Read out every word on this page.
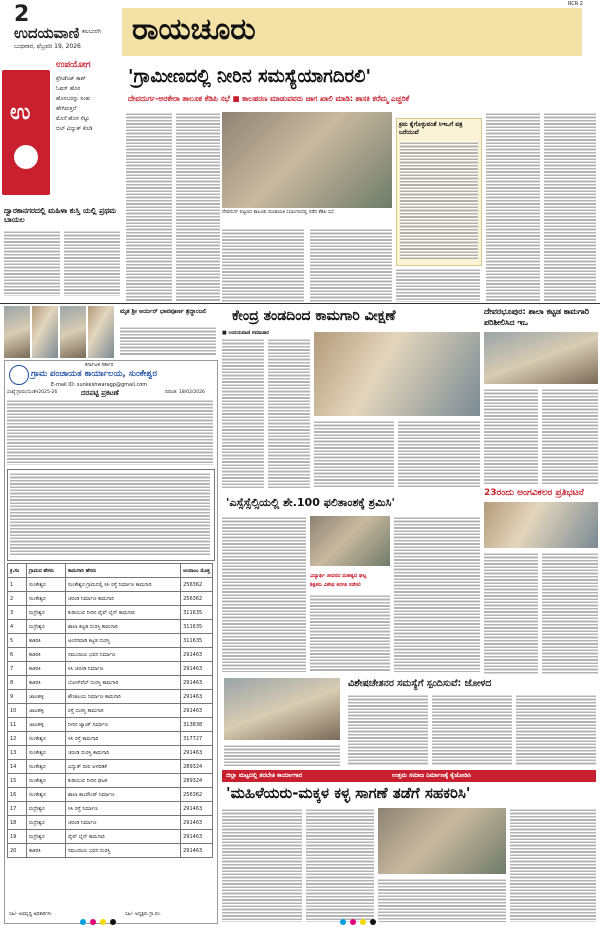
2
ಉದಯವಾಣಿ ಕಲಬುರಗಿ
ಬುಧವಾರ, ಫೆಬ್ರವರಿ 19, 2026 ರಾಯಚೂರು
RCR 2
ಉ
ಉಪಯೋಗ
ಪ್ರೆಸಿಡೆಂಟ್ ಕಾಪ್
ಓವನ್ ಹೊಸ
ಹೊಸಬರನ್ನು ಸಂತು
ಹೇಗಿರುತ್ತದೆ
ಮೊನೆ ಹೊಸ ಸೆಟ್ಟು
ಬಿಲ್ ವಿದ್ಯುತ್ ಕೊಡಿ
ದ್ವಾರಕಾನಗರದಲ್ಲಿ ಮಹಿಳಾ ಕುಸ್ತಿ ಯಲ್ಲಿ ಪ್ರಥಮ ಬಾಯಲ
'ಗ್ರಾಮೀಣದಲ್ಲಿ ನೀರಿನ ಸಮಸ್ಯೆಯಾಗದಿರಲಿ'
ದೇವದುರ್ಗ-ಅರಕೇರಾ ತಾಲೂಕ ಕೆಡಿಪಿ ಸಭೆ ■ ಕಾಲಹರಣ ಮಾಡುವವರು ಜಾಗ ಖಾಲಿ ಮಾಡಿ: ಶಾಸಕಿ ಕರೆಮ್ಮ ಎಚ್ಚರಿಕೆ
ದೇವದುರ್ಗ ಪಟ್ಟಣದ ತಾಲೂಕು ಪಂಚಾಯತಿ ಸಭಾಂಗಣದಲ್ಲಿ ನಡೆದ ಕೆಡಿಪಿ ಸಭೆ
ಕ್ರಮ ಕೈಗೊಳ್ಳುವಂತೆ ಸಿಇಒಗೆ ಪತ್ರ ಬರೆಯುವೆ
ಮೃತ ಶ್ರೀ ಆರ್ಯನ್‌ ಭಾವಪೂರ್ಣ ಶ್ರದ್ಧಾಂಜಲಿ
ಕರ್ನಾಟಕ ಸರ್ಕಾರ
ಗ್ರಾಮ ಪಂಚಾಯತ ಕಾರ್ಯಾಲಯ, ಸುಂಕೇಶ್ವರ
E-mail ID: sunkeshwaragp@gmail.com
ಸಂಖ್ಯೆ:ಗ್ರಾಪಂ/ಸುಂಕೇ/2025-26	ದರಪಟ್ಟಿ ಪ್ರಕಟಣೆ	ದಿನಾಂಕ: 18/02/2026
ಕ್ರ.ಸಂ	ಗ್ರಾಮದ ಹೆಸರು	ಕಾಮಗಾರಿ ಹೆಸರು	ಅಂದಾಜು ಮೊತ್ತ
1	ಸುಂಕೇಶ್ವರ	ಸುಂಕೇಶ್ವರ ಗ್ರಾಮದಲ್ಲಿ ಸಿಸಿ ರಸ್ತೆ ನಿರ್ಮಾಣ ಕಾಮಗಾರಿ	256362
2	ಸುಂಕೇಶ್ವರ	ಚರಂಡಿ ನಿರ್ಮಾಣ ಕಾಮಗಾರಿ	256362
3	ರುದ್ರೇಶ್ವರ	ಕುಡಿಯುವ ನೀರಿನ ಪೈಪ್ ಲೈನ್ ಕಾಮಗಾರಿ	311635
4	ರುದ್ರೇಶ್ವರ	ಶಾಲಾ ಕಟ್ಟಡ ದುರಸ್ತಿ ಕಾಮಗಾರಿ	311635
5	ಕಾತರಕಿ	ಅಂಗನವಾಡಿ ಕಟ್ಟಡ ದುರಸ್ತಿ	311635
6	ಕಾತರಕಿ	ಸಮುದಾಯ ಭವನ ನಿರ್ಮಾಣ	291463
7	ಕಾತರಕಿ	ಸಿಸಿ ಚರಂಡಿ ನಿರ್ಮಾಣ	291463
8	ಕಾತರಕಿ	ಬೋರ್‌ವೆಲ್ ದುರಸ್ತಿ ಕಾಮಗಾರಿ	291463
9	ಜಾಲಹಳ್ಳಿ	ಶೌಚಾಲಯ ನಿರ್ಮಾಣ ಕಾಮಗಾರಿ	291463
10	ಜಾಲಹಳ್ಳಿ	ರಸ್ತೆ ದುರಸ್ತಿ ಕಾಮಗಾರಿ	291463
11	ಜಾಲಹಳ್ಳಿ	ನೀರಿನ ಟ್ಯಾಂಕ್ ನಿರ್ಮಾಣ	313838
12	ಸುಂಕೇಶ್ವರ	ಸಿಸಿ ರಸ್ತೆ ಕಾಮಗಾರಿ	317727
13	ಸುಂಕೇಶ್ವರ	ಚರಂಡಿ ದುರಸ್ತಿ ಕಾಮಗಾರಿ	291463
14	ಸುಂಕೇಶ್ವರ	ವಿದ್ಯುತ್ ದೀಪ ಅಳವಡಿಕೆ	289324
15	ಸುಂಕೇಶ್ವರ	ಕುಡಿಯುವ ನೀರಿನ ಘಟಕ	289324
16	ಸುಂಕೇಶ್ವರ	ಶಾಲಾ ಕಾಂಪೌಂಡ್ ನಿರ್ಮಾಣ	256362
17	ರುದ್ರೇಶ್ವರ	ಸಿಸಿ ರಸ್ತೆ ನಿರ್ಮಾಣ	291463
18	ರುದ್ರೇಶ್ವರ	ಚರಂಡಿ ನಿರ್ಮಾಣ	291463
19	ರುದ್ರೇಶ್ವರ	ಪೈಪ್ ಲೈನ್ ಕಾಮಗಾರಿ	291463
20	ಕಾತರಕಿ	ಸಮುದಾಯ ಭವನ ದುರಸ್ತಿ	291463
ಸಹಿ/- ಅಭಿವೃದ್ಧಿ ಅಧಿಕಾರಿಗಳು	ಸಹಿ/- ಅಧ್ಯಕ್ಷರು ಗ್ರಾ.ಪಂ.
ಕೇಂದ್ರ ತಂಡದಿಂದ ಕಾಮಗಾರಿ ವೀಕ್ಷಣೆ
■ ಉದಯವಾಣಿ ಸಮಾಚಾರ
ದೇವರಭೂಪುರ: ಶಾಲಾ ಕಟ್ಟಡ ಕಾಮಗಾರಿ ಪರಿಶೀಲಿಸಿದ ಇಒ
'ಎಸ್ಸೆಸ್ಸೆಲ್ಸಿಯಲ್ಲಿ ಶೇ.100 ಫಲಿತಾಂಶಕ್ಕೆ ಶ್ರಮಿಸಿ'
ವಿದ್ಯಾರ್ಥಿ ಜೀವನದ ಮಹತ್ವದ ಘಟ್ಟ
ಶಿಕ್ಷಕರು ವಿಶೇಷ ತರಗತಿ ನಡೆಸಲಿ
23ರಂದು ಅಂಗವಿಕಲರ ಪ್ರತಿಭಟನೆ
ವಿಶೇಷಚೇತನರ ಸಮಸ್ಯೆಗೆ ಸ್ಪಂದಿಸುವೆ: ಜೋಳದ
ಜಿಲ್ಲಾ ಮಟ್ಟದಲ್ಲಿ ತರಬೇತಿ ಕಾರ್ಯಾಗಾರ	ಉತ್ತಮ ಸಮಾಜ ನಿರ್ಮಾಣಕ್ಕೆ ಕೈಜೋಡಿಸಿ
'ಮಹಿಳೆಯರು-ಮಕ್ಕಳ ಕಳ್ಳ ಸಾಗಣೆ ತಡೆಗೆ ಸಹಕರಿಸಿ'
